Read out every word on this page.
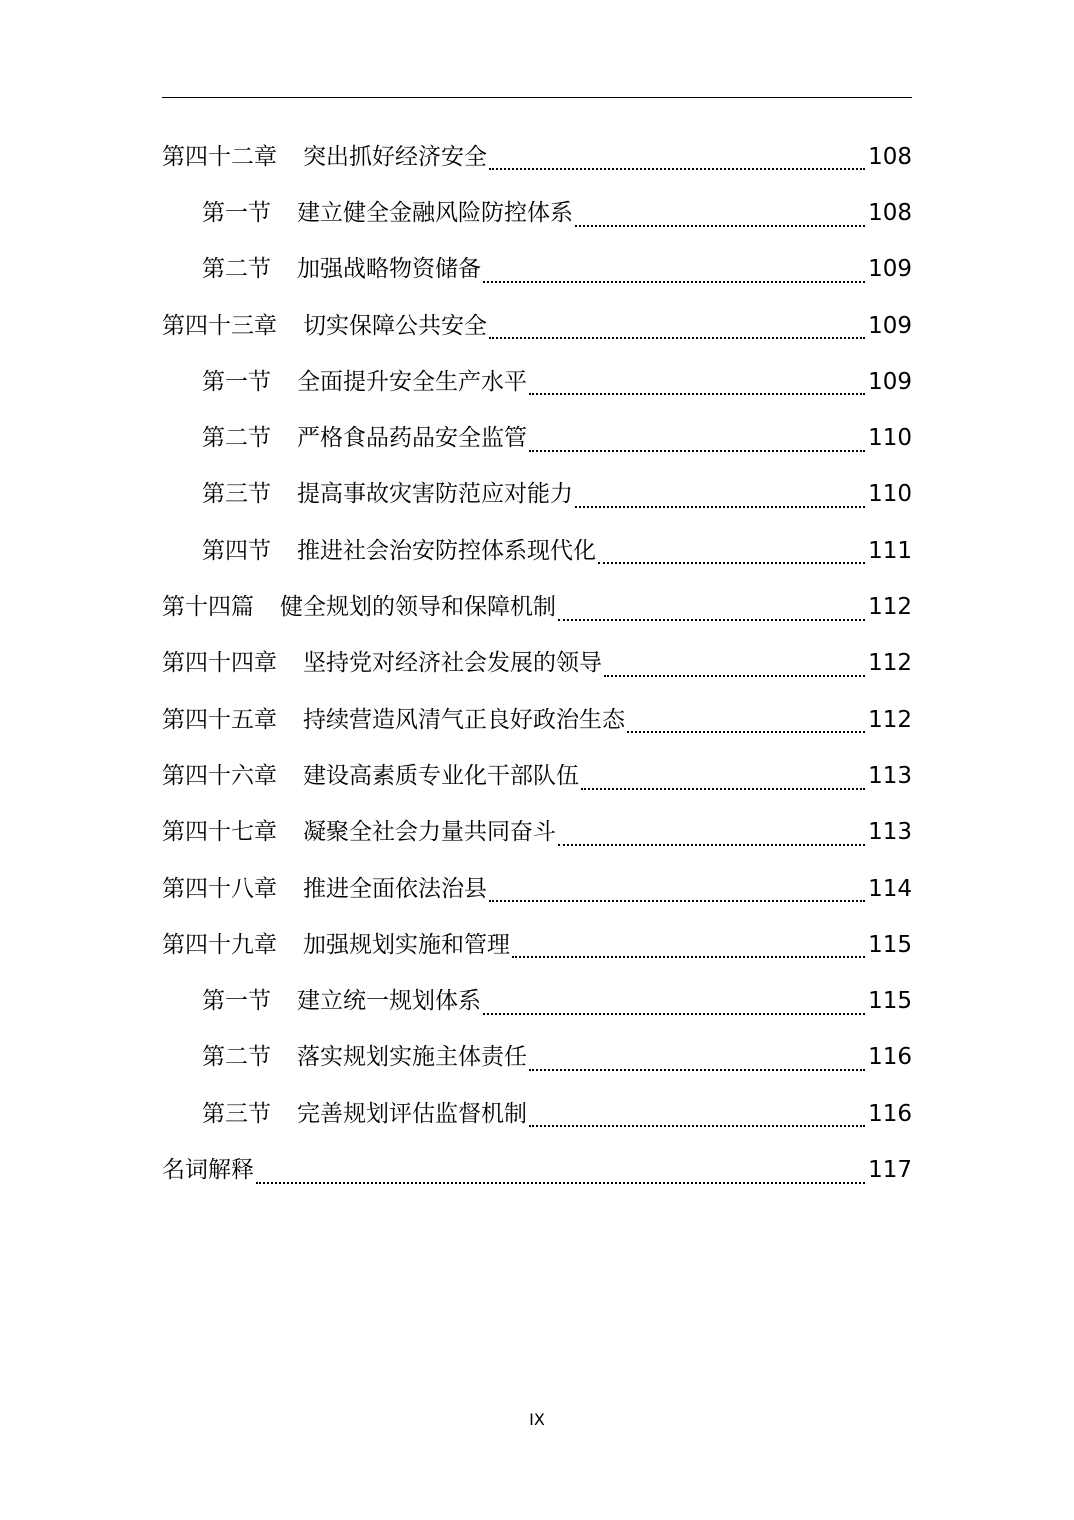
第四十二章 突出抓好经济安全	108
第一节 建立健全金融风险防控体系	108
第二节 加强战略物资储备	109
第四十三章 切实保障公共安全	109
第一节 全面提升安全生产水平	109
第二节 严格食品药品安全监管	110
第三节 提高事故灾害防范应对能力	110
第四节 推进社会治安防控体系现代化	111
第十四篇 健全规划的领导和保障机制	112
第四十四章 坚持党对经济社会发展的领导	112
第四十五章 持续营造风清气正良好政治生态	112
第四十六章 建设高素质专业化干部队伍	113
第四十七章 凝聚全社会力量共同奋斗	113
第四十八章 推进全面依法治县	114
第四十九章 加强规划实施和管理	115
第一节 建立统一规划体系	115
第二节 落实规划实施主体责任	116
第三节 完善规划评估监督机制	116
名词解释	117
IX
